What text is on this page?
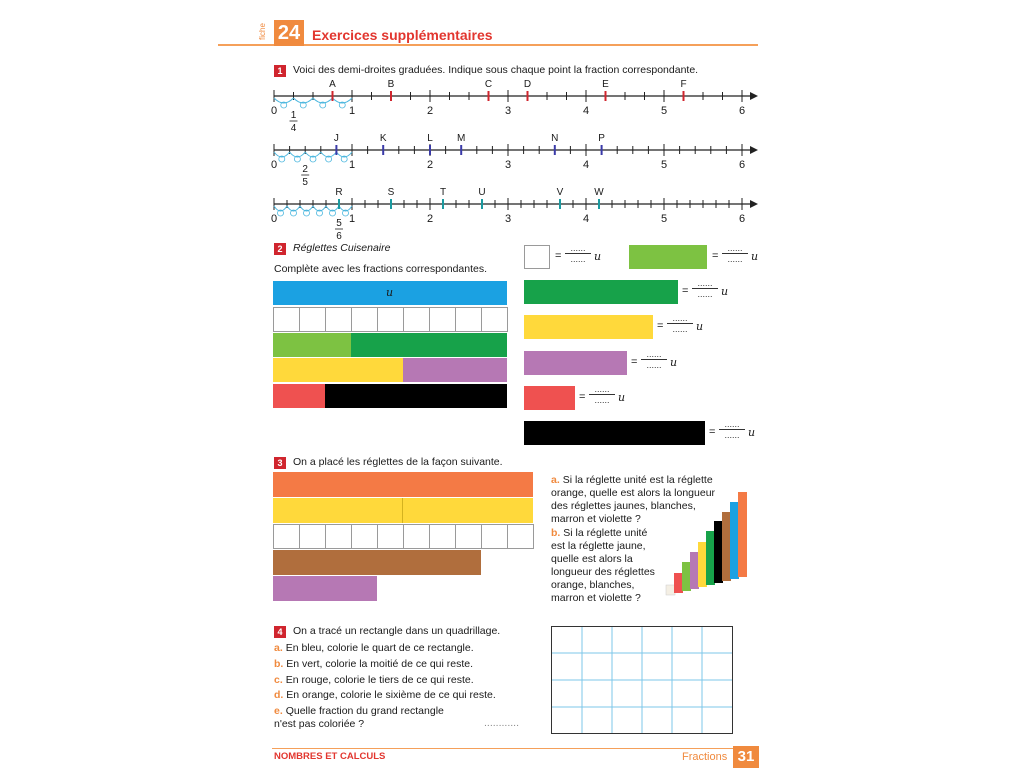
fiche 24 Exercices supplémentaires
1	Voici des demi-droites graduées. Indique sous chaque point la fraction correspondante.
0	1	2	3	4	5	6
1
4
A	B	C	D	E	F
0	1	2	3	4	5	6
2
5
J	K	L M	N	P
0	1	2	3	4	5	6
5
6
R	S	T	U	V	W
2	Réglettes Cuisenaire
Complète avec les fractions correspondantes.
u
=
......
...... u	=
......
...... u
=
......
...... u
=
......
...... u
=
......
...... u
=
......
...... u
=
......
...... u
3	On a placé les réglettes de la façon suivante.
a. Si la réglette unité est la réglette
orange, quelle est alors la longueur
des réglettes jaunes, blanches,
marron et violette ?
b. Si la réglette unité
est la réglette jaune,
quelle est alors la
longueur des réglettes
orange, blanches,
marron et violette ?
4	On a tracé un rectangle dans un quadrillage.
a. En bleu, colorie le quart de ce rectangle.
b. En vert, colorie la moitié de ce qui reste.
c. En rouge, colorie le tiers de ce qui reste.
d. En orange, colorie le sixième de ce qui reste.
e. Quelle fraction du grand rectangle
n'est pas coloriée ?	............
NOMBRES ET CALCULS	Fractions 31
